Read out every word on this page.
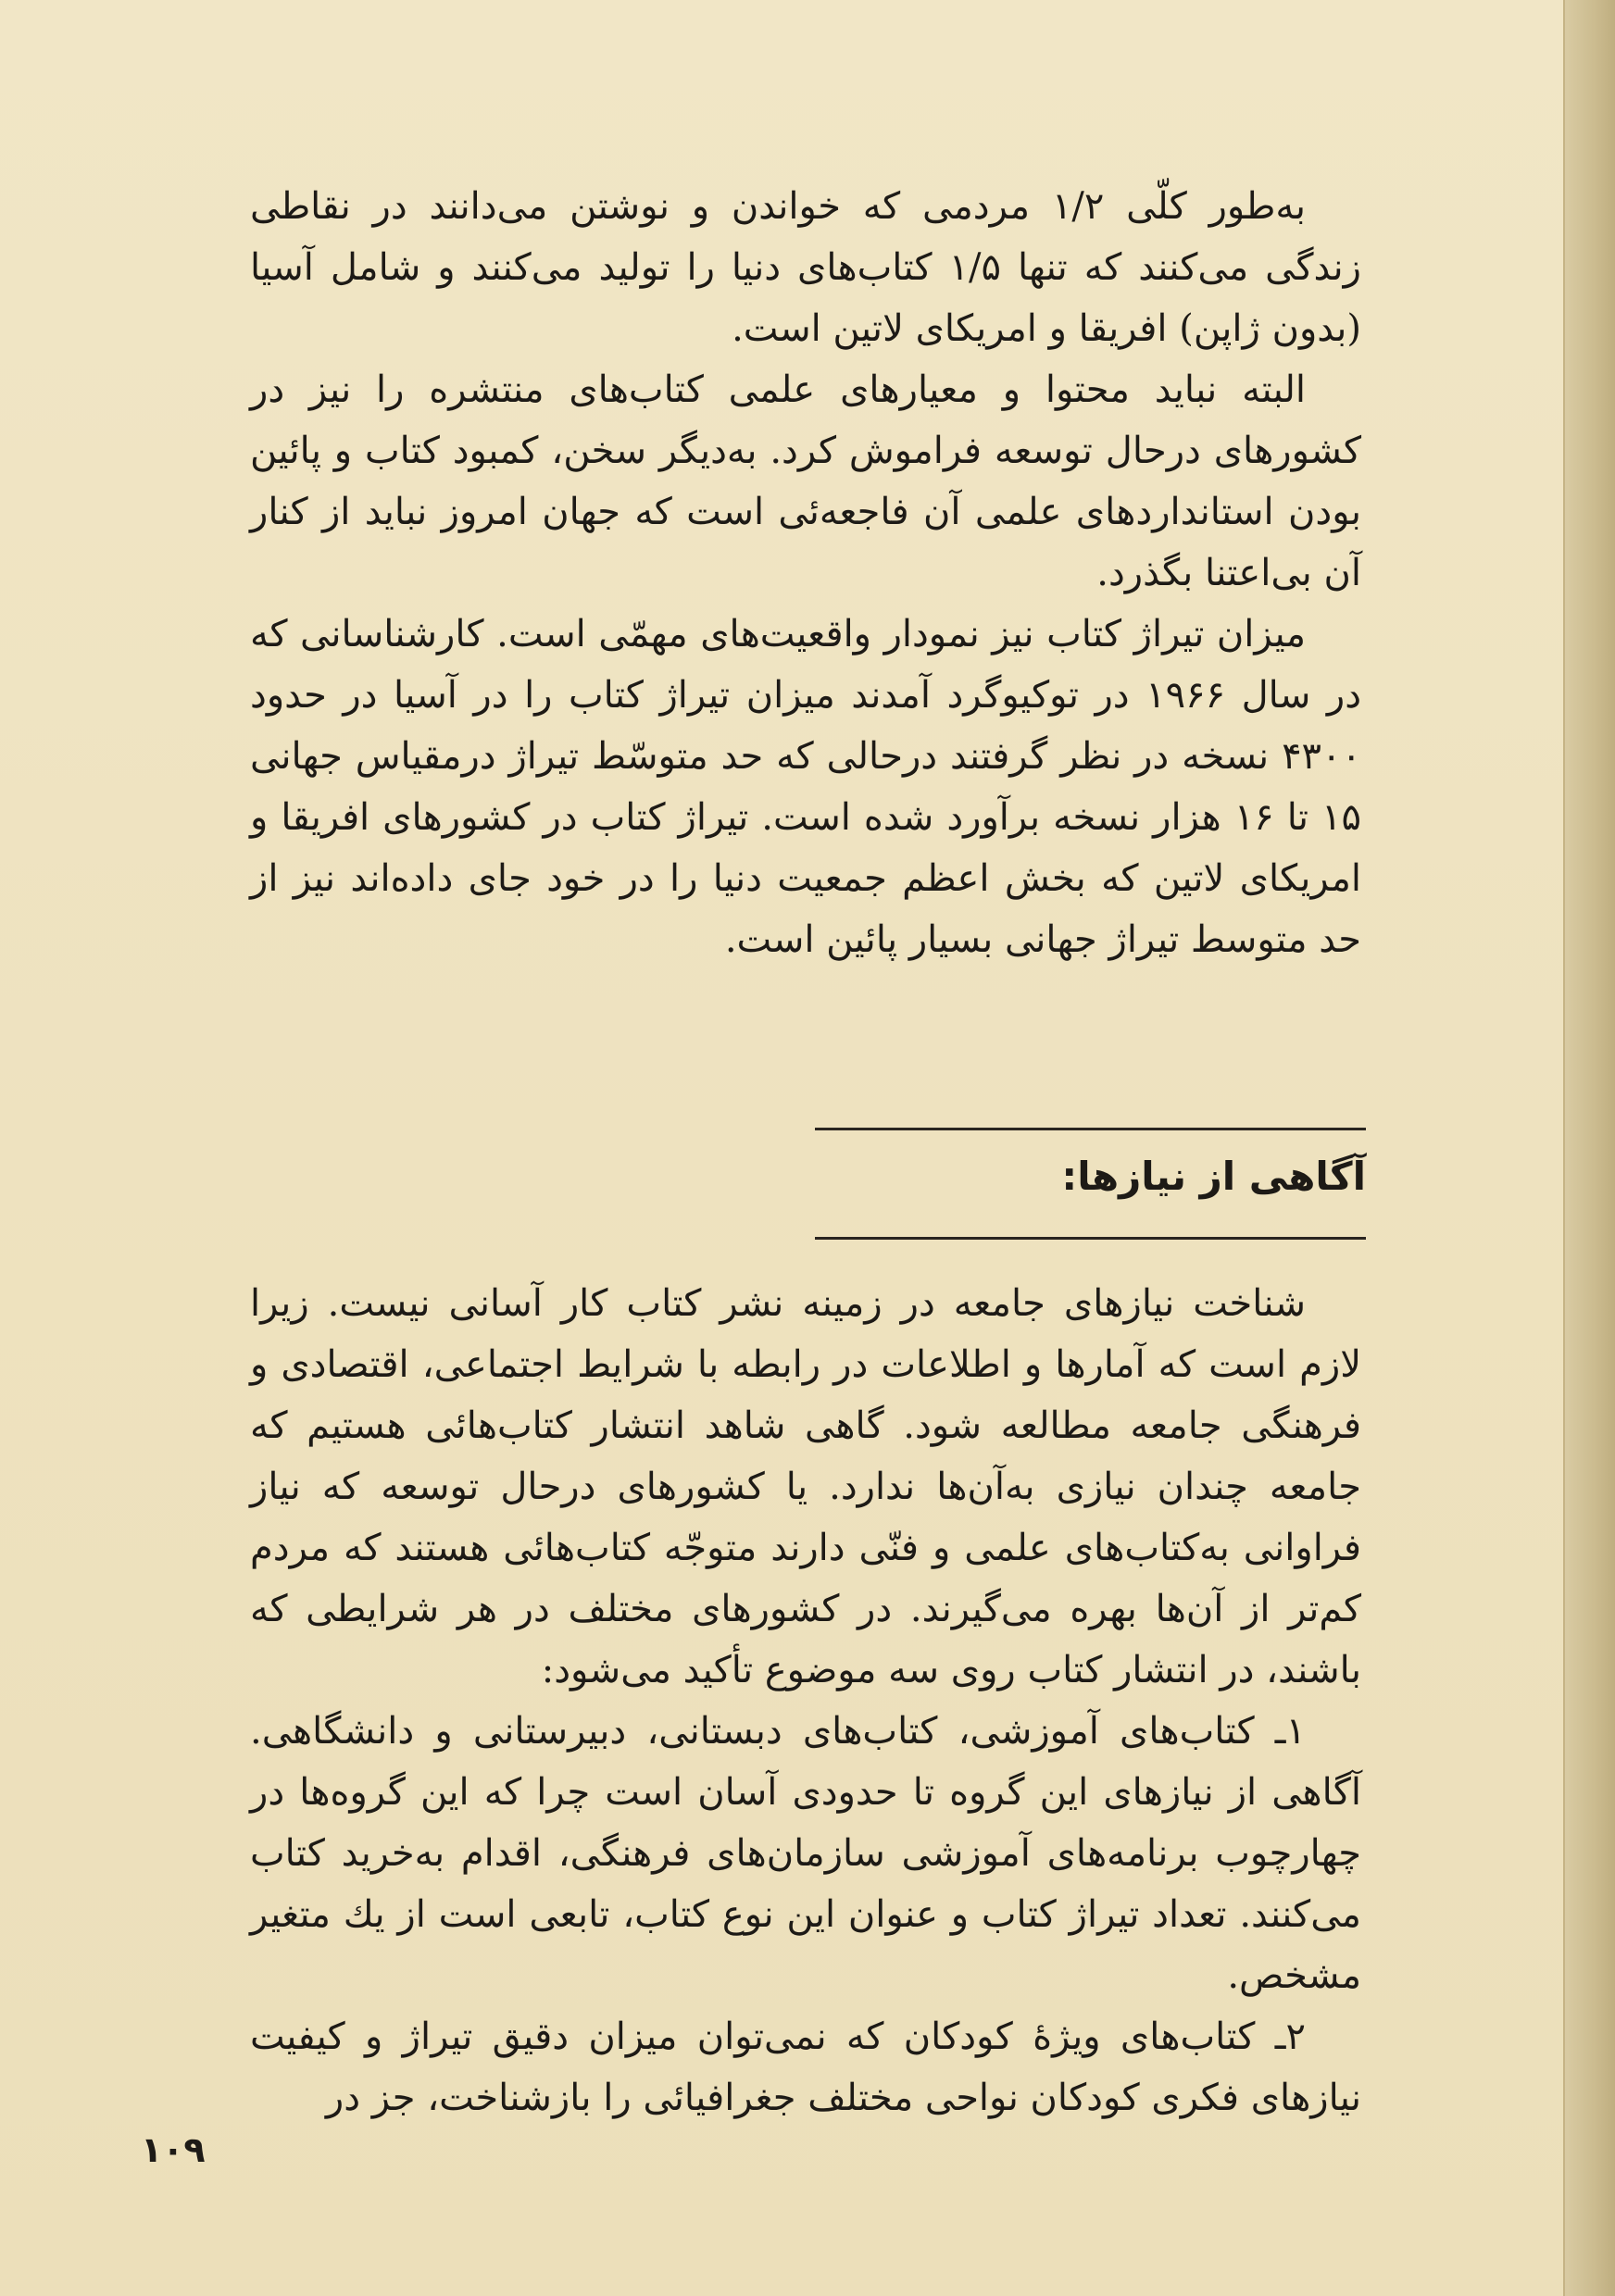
به‌طور کلّی ۱/۲ مردمی که خواندن و نوشتن می‌دانند در نقاطی زندگی می‌کنند که تنها ۱/۵ کتاب‌های دنیا را تولید می‌کنند و شامل آسیا (بدون ژاپن) افریقا و امریکای لاتین است.

البته نباید محتوا و معیارهای علمی کتاب‌های منتشره را نیز در کشورهای درحال توسعه فراموش کرد. به‌دیگر سخن، کمبود کتاب و پائین بودن استانداردهای علمی آن فاجعه‌ئی است که جهان امروز نباید از کنار آن بی‌اعتنا بگذرد.

میزان تیراژ کتاب نیز نمودار واقعیت‌های مهمّی است. کارشناسانی که در سال ۱۹۶۶ در توکیوگرد آمدند میزان تیراژ کتاب را در آسیا در حدود ۴۳۰۰ نسخه در نظر گرفتند درحالی که حد متوسّط تیراژ درمقیاس جهانی ۱۵ تا ۱۶ هزار نسخه برآورد شده است. تیراژ کتاب در کشورهای افریقا و امریکای لاتین که بخش اعظم جمعیت دنیا را در خود جای داده‌اند نیز از حد متوسط تیراژ جهانی بسیار پائین است.

آگاهی از نیازها:

شناخت نیازهای جامعه در زمینه نشر کتاب کار آسانی نیست. زیرا لازم است که آمارها و اطلاعات در رابطه با شرایط اجتماعی، اقتصادی و فرهنگی جامعه مطالعه شود. گاهی شاهد انتشار کتاب‌هائی هستیم که جامعه چندان نیازی به‌آن‌ها ندارد. یا کشورهای درحال توسعه که نیاز فراوانی به‌کتاب‌های علمی و فنّی دارند متوجّه کتاب‌هائی هستند که مردم کم‌تر از آن‌ها بهره می‌گیرند. در کشورهای مختلف در هر شرایطی که باشند، در انتشار کتاب روی سه موضوع تأکید می‌شود:

۱ـ کتاب‌های آموزشی، کتاب‌های دبستانی، دبیرستانی و دانشگاهی. آگاهی از نیازهای این گروه تا حدودی آسان است چرا که این گروه‌ها در چهارچوب برنامه‌های آموزشی سازمان‌های فرهنگی، اقدام به‌خرید کتاب می‌کنند. تعداد تیراژ کتاب و عنوان این نوع کتاب، تابعی است از یك متغیر مشخص.

۲ـ کتاب‌های ویژهٔ کودکان که نمی‌توان میزان دقیق تیراژ و کیفیت نیازهای فکری کودکان نواحی مختلف جغرافیائی را بازشناخت، جز در

۱۰۹
